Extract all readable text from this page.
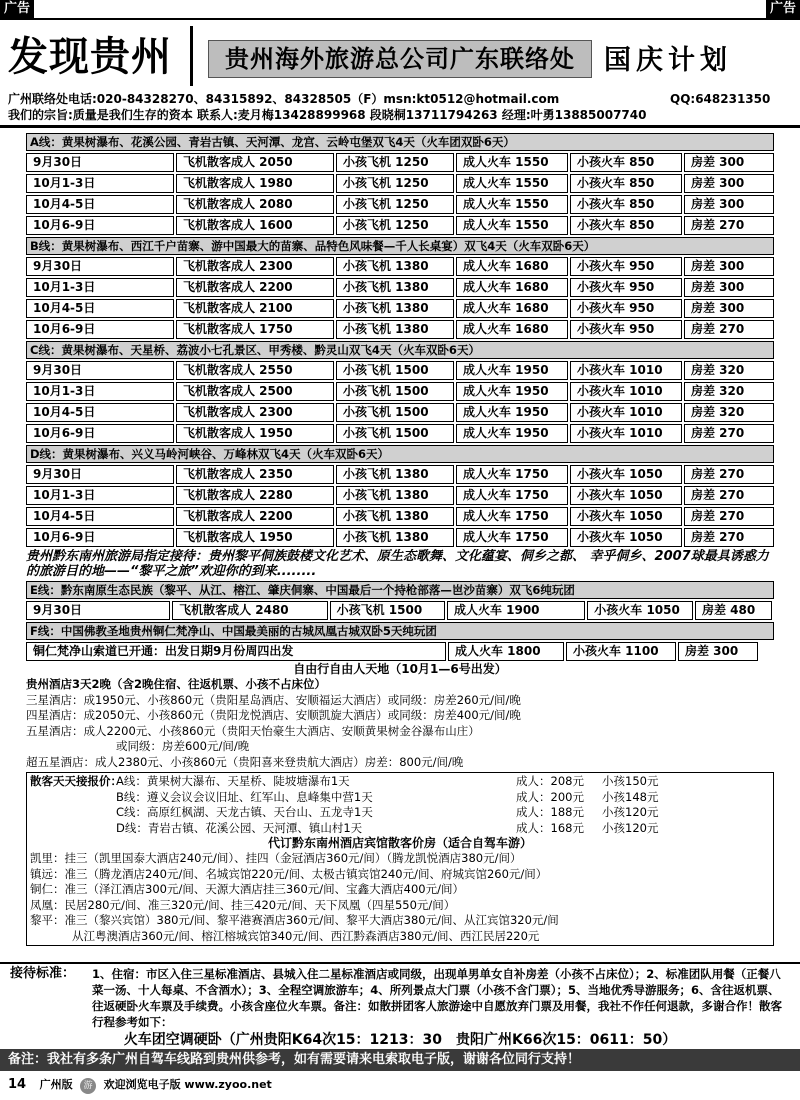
广告	广告
发现贵州	贵州海外旅游总公司广东联络处	国庆计划
广州联络处电话:020-84328270、84315892、84328505（F）msn:kt0512@hotmail.com	QQ:648231350
我们的宗旨:质量是我们生存的资本 联系人:麦月梅13428899968 段晓桐13711794263 经理:叶勇13885007740
A线：黄果树瀑布、花溪公园、青岩古镇、天河潭、龙宫、云岭屯堡双飞4天（火车团双卧6天）
9月30日	飞机散客成人 2050	小孩飞机 1250	成人火车 1550	小孩火车 850	房差 300
10月1-3日	飞机散客成人 1980	小孩飞机 1250	成人火车 1550	小孩火车 850	房差 300
10月4-5日	飞机散客成人 2080	小孩飞机 1250	成人火车 1550	小孩火车 850	房差 300
10月6-9日	飞机散客成人 1600	小孩飞机 1250	成人火车 1550	小孩火车 850	房差 270
B线：黄果树瀑布、西江千户苗寨、游中国最大的苗寨、品特色风味餐—千人长桌宴）双飞4天（火车双卧6天）
9月30日	飞机散客成人 2300	小孩飞机 1380	成人火车 1680	小孩火车 950	房差 300
10月1-3日	飞机散客成人 2200	小孩飞机 1380	成人火车 1680	小孩火车 950	房差 300
10月4-5日	飞机散客成人 2100	小孩飞机 1380	成人火车 1680	小孩火车 950	房差 300
10月6-9日	飞机散客成人 1750	小孩飞机 1380	成人火车 1680	小孩火车 950	房差 270
C线：黄果树瀑布、天星桥、荔波小七孔景区、甲秀楼、黔灵山双飞4天（火车双卧6天）
9月30日	飞机散客成人 2550	小孩飞机 1500	成人火车 1950	小孩火车 1010	房差 320
10月1-3日	飞机散客成人 2500	小孩飞机 1500	成人火车 1950	小孩火车 1010	房差 320
10月4-5日	飞机散客成人 2300	小孩飞机 1500	成人火车 1950	小孩火车 1010	房差 320
10月6-9日	飞机散客成人 1950	小孩飞机 1500	成人火车 1950	小孩火车 1010	房差 270
D线：黄果树瀑布、兴义马岭河峡谷、万峰林双飞4天（火车双卧6天）
9月30日	飞机散客成人 2350	小孩飞机 1380	成人火车 1750	小孩火车 1050	房差 270
10月1-3日	飞机散客成人 2280	小孩飞机 1380	成人火车 1750	小孩火车 1050	房差 270
10月4-5日	飞机散客成人 2200	小孩飞机 1380	成人火车 1750	小孩火车 1050	房差 270
10月6-9日	飞机散客成人 1950	小孩飞机 1380	成人火车 1750	小孩火车 1050	房差 270
贵州黔东南州旅游局指定接待：贵州黎平侗族鼓楼文化艺术、原生态歌舞、文化蕴宴、侗乡之都、 幸乎侗乡、2007球最具诱惑力的旅游目的地——“黎平之旅”欢迎你的到来........
E线：黔东南原生态民族（黎平、从江、榕江、肇庆侗寨、中国最后一个持枪部落—岜沙苗寨）双飞6纯玩团
9月30日	飞机散客成人 2480	小孩飞机 1500	成人火车 1900	小孩火车 1050	房差 480
F线：中国佛教圣地贵州铜仁梵净山、中国最美丽的古城凤凰古城双卧5天纯玩团
铜仁梵净山索道已开通：出发日期9月份周四出发	成人火车 1800	小孩火车 1100	房差 300
自由行自由人天地（10月1—6号出发）
贵州酒店3天2晚（含2晚住宿、往返机票、小孩不占床位）
三星酒店：成1950元、小孩860元（贵阳星岛酒店、安顺福运大酒店）或同级：房差260元/间/晚
四星酒店：成2050元、小孩860元（贵阳龙悦酒店、安顺凯旋大酒店）或同级：房差400元/间/晚
五星酒店：成人2200元、小孩860元（贵阳天怡豪生大酒店、安顺黄果树金谷瀑布山庄）
或同级：房差600元/间/晚
超五星酒店：成人2380元、小孩860元（贵阳喜来登贵航大酒店）房差：800元/间/晚
散客天天接报价：
A线：黄果树大瀑布、天星桥、陡坡塘瀑布1天	成人：208元	小孩150元
B线：遵义会议会议旧址、红军山、息峰集中营1天	成人：200元	小孩148元
C线：高原红枫湖、天龙古镇、天台山、五龙寺1天	成人：188元	小孩120元
D线：青岩古镇、花溪公园、天河潭、镇山村1天	成人：168元	小孩120元
代订黔东南州酒店宾馆散客价房（适合自驾车游）
凯里：挂三（凯里国泰大酒店240元/间）、挂四（金冠酒店360元/间）（腾龙凯悦酒店380元/间）
镇远：准三（腾龙酒店240元/间、名城宾馆220元/间、太极古镇宾馆240元/间、府城宾馆260元/间）
铜仁：准三（泽江酒店300元/间、天源大酒店挂三360元/间、宝鑫大酒店400元/间）
凤凰：民居280元/间、准三320元/间、挂三420元/间、天下凤凰（四星550元/间）
黎平：准三（黎兴宾馆）380元/间、黎平港赛酒店360元/间、黎平大酒店380元/间、从江宾馆320元/间
从江粤澳酒店360元/间、榕江榕城宾馆340元/间、西江黔森酒店380元/间、西江民居220元
接待标准： 1、住宿：市区入住三星标准酒店、县城入住二星标准酒店或同级，出现单男单女自补房差（小孩不占床位）；2、标准团队用餐（正餐八菜一汤、十人每桌、不含酒水）；3、全程空调旅游车；4、所列景点大门票（小孩不含门票）；5、当地优秀导游服务；6、含往返机票、往返硬卧火车票及手续费。小孩含座位火车票。备注：如散拼团客人旅游途中自愿放弃门票及用餐，我社不作任何退款，多谢合作！散客行程参考如下：
火车团空调硬卧（广州贵阳K64次15：1213：30　贵阳广州K66次15：0611：50）
备注：我社有多条广州自驾车线路到贵州供参考，如有需要请来电索取电子版，谢谢各位同行支持！
14 广州版 游 欢迎浏览电子版 www.zyoo.net
